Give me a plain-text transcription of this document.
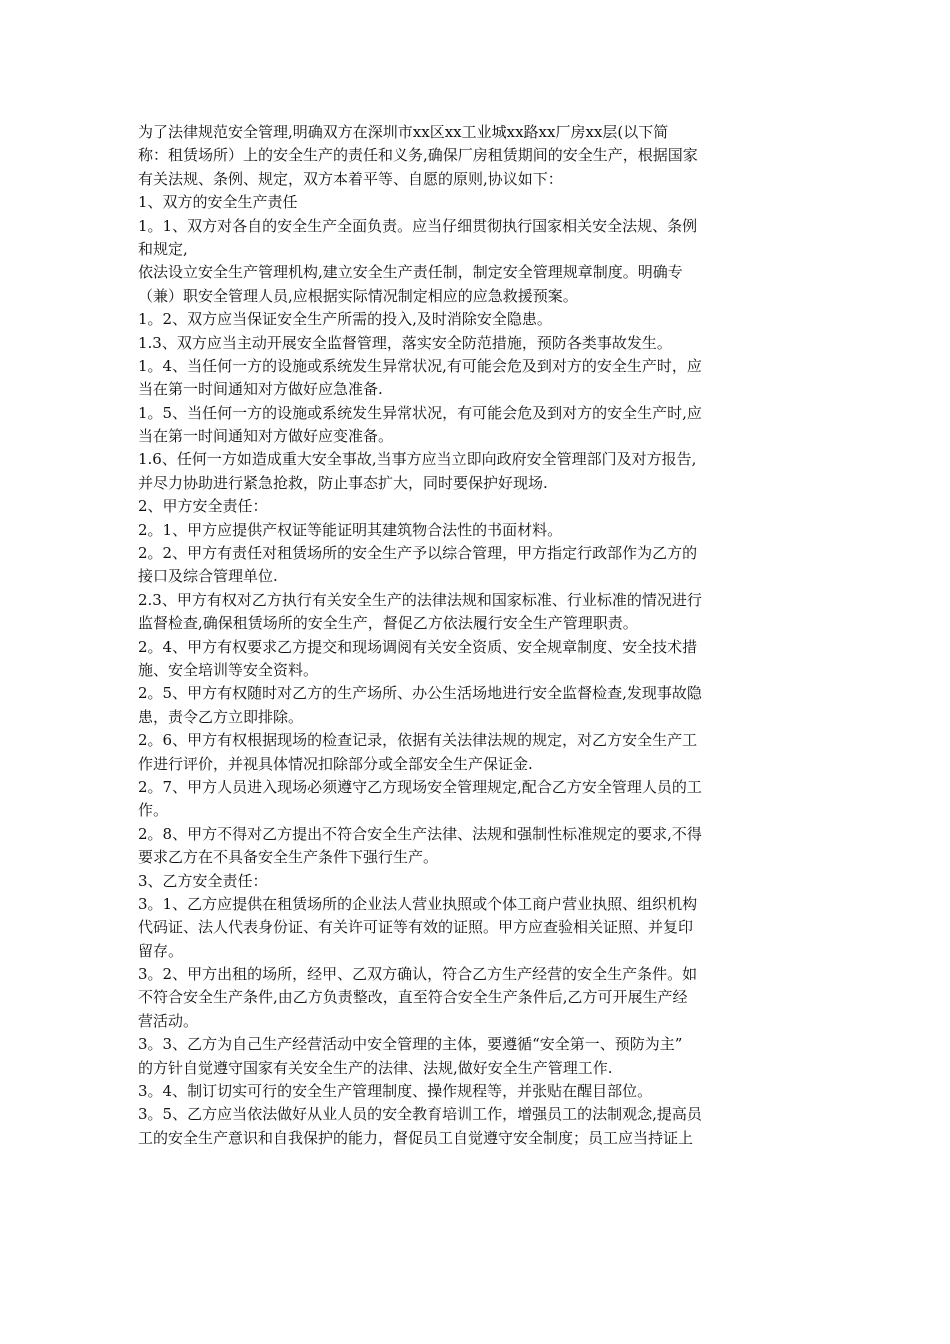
为了法律规范安全管理,明确双方在深圳市xx区xx工业城xx路xx厂房xx层(以下简
称：租赁场所）上的安全生产的责任和义务,确保厂房租赁期间的安全生产，根据国家
有关法规、条例、规定，双方本着平等、自愿的原则,协议如下：
1、双方的安全生产责任
1。1、双方对各自的安全生产全面负责。应当仔细贯彻执行国家相关安全法规、条例
和规定,
依法设立安全生产管理机构,建立安全生产责任制，制定安全管理规章制度。明确专
（兼）职安全管理人员,应根据实际情况制定相应的应急救援预案。
1。2、双方应当保证安全生产所需的投入,及时消除安全隐患。
1.3、双方应当主动开展安全监督管理，落实安全防范措施，预防各类事故发生。
1。4、当任何一方的设施或系统发生异常状况,有可能会危及到对方的安全生产时，应
当在第一时间通知对方做好应急准备.
1。5、当任何一方的设施或系统发生异常状况，有可能会危及到对方的安全生产时,应
当在第一时间通知对方做好应变准备。
1.6、任何一方如造成重大安全事故,当事方应当立即向政府安全管理部门及对方报告,
并尽力协助进行紧急抢救，防止事态扩大，同时要保护好现场.
2、甲方安全责任：
2。1、甲方应提供产权证等能证明其建筑物合法性的书面材料。
2。2、甲方有责任对租赁场所的安全生产予以综合管理，甲方指定行政部作为乙方的
接口及综合管理单位.
2.3、甲方有权对乙方执行有关安全生产的法律法规和国家标准、行业标准的情况进行
监督检查,确保租赁场所的安全生产，督促乙方依法履行安全生产管理职责。
2。4、甲方有权要求乙方提交和现场调阅有关安全资质、安全规章制度、安全技术措
施、安全培训等安全资料。
2。5、甲方有权随时对乙方的生产场所、办公生活场地进行安全监督检查,发现事故隐
患，责令乙方立即排除。
2。6、甲方有权根据现场的检查记录，依据有关法律法规的规定，对乙方安全生产工
作进行评价，并视具体情况扣除部分或全部安全生产保证金.
2。7、甲方人员进入现场必须遵守乙方现场安全管理规定,配合乙方安全管理人员的工
作。
2。8、甲方不得对乙方提出不符合安全生产法律、法规和强制性标准规定的要求,不得
要求乙方在不具备安全生产条件下强行生产。
3、乙方安全责任：
3。1、乙方应提供在租赁场所的企业法人营业执照或个体工商户营业执照、组织机构
代码证、法人代表身份证、有关许可证等有效的证照。甲方应查验相关证照、并复印
留存。
3。2、甲方出租的场所，经甲、乙双方确认，符合乙方生产经营的安全生产条件。如
不符合安全生产条件,由乙方负责整改，直至符合安全生产条件后,乙方可开展生产经
营活动。
3。3、乙方为自己生产经营活动中安全管理的主体，要遵循“安全第一、预防为主”
的方针自觉遵守国家有关安全生产的法律、法规,做好安全生产管理工作.
3。4、制订切实可行的安全生产管理制度、操作规程等，并张贴在醒目部位。
3。5、乙方应当依法做好从业人员的安全教育培训工作，增强员工的法制观念,提高员
工的安全生产意识和自我保护的能力，督促员工自觉遵守安全制度；员工应当持证上
